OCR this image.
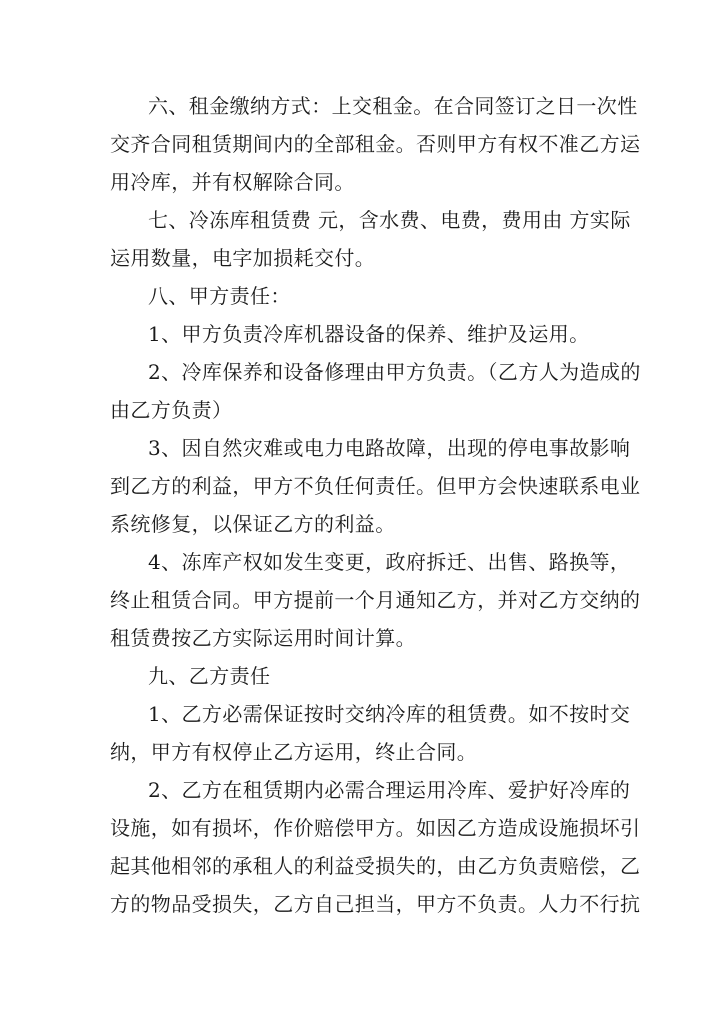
六、租金缴纳方式：上交租金。在合同签订之日一次性
交齐合同租赁期间内的全部租金。否则甲方有权不准乙方运
用冷库，并有权解除合同。
七、冷冻库租赁费 元，含水费、电费，费用由 方实际
运用数量，电字加损耗交付。
八、甲方责任：
1、甲方负责冷库机器设备的保养、维护及运用。
2、冷库保养和设备修理由甲方负责。（乙方人为造成的
由乙方负责）
3、因自然灾难或电力电路故障，出现的停电事故影响
到乙方的利益，甲方不负任何责任。但甲方会快速联系电业
系统修复，以保证乙方的利益。
4、冻库产权如发生变更，政府拆迁、出售、路换等，
终止租赁合同。甲方提前一个月通知乙方，并对乙方交纳的
租赁费按乙方实际运用时间计算。
九、乙方责任
1、乙方必需保证按时交纳冷库的租赁费。如不按时交
纳，甲方有权停止乙方运用，终止合同。
2、乙方在租赁期内必需合理运用冷库、爱护好冷库的
设施，如有损坏，作价赔偿甲方。如因乙方造成设施损坏引
起其他相邻的承租人的利益受损失的，由乙方负责赔偿，乙
方的物品受损失，乙方自己担当，甲方不负责。人力不行抗
